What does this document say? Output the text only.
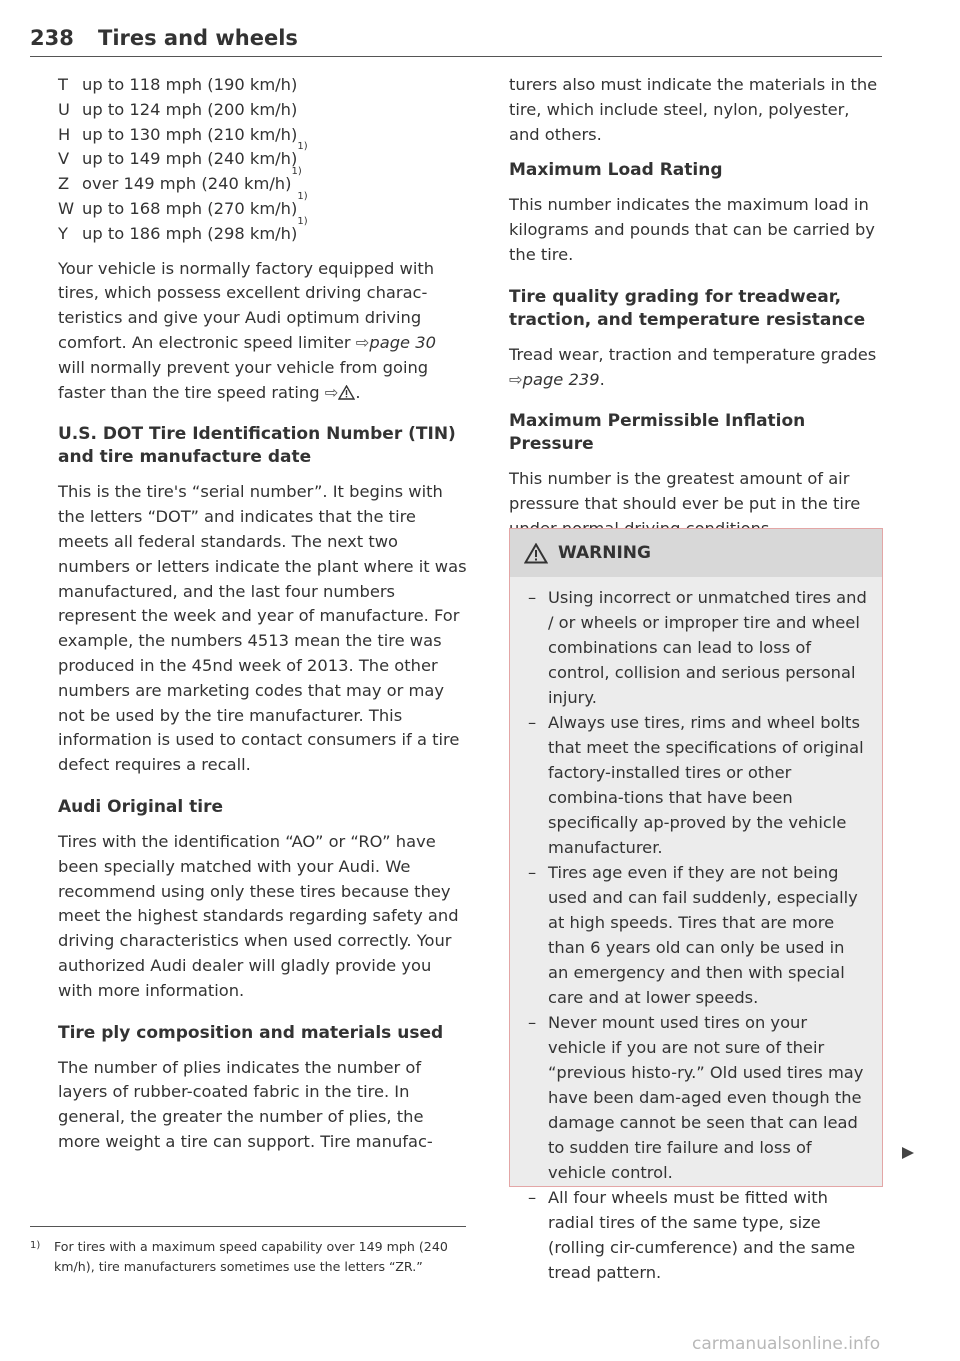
238 Tires and wheels
T up to 118 mph (190 km/h)
U up to 124 mph (200 km/h)
H up to 130 mph (210 km/h)
V up to 149 mph (240 km/h)
1)
Z over 149 mph (240 km/h)
1)
W up to 168 mph (270 km/h)
1)
Y up to 186 mph (298 km/h)
1)

Your vehicle is normally factory equipped with tires, which possess excellent driving charac-teristics and give your Audi optimum driving comfort. An electronic speed limiter ⇨page 30 will normally prevent your vehicle from going faster than the tire speed rating ⇨ .

U.S. DOT Tire Identification Number (TIN) and tire manufacture date

This is the tire's “serial number”. It begins with the letters “DOT” and indicates that the tire meets all federal standards. The next two numbers or letters indicate the plant where it was manufactured, and the last four numbers represent the week and year of manufacture. For example, the numbers 4513 mean the tire was produced in the 45nd week of 2013. The other numbers are marketing codes that may or may not be used by the tire manufacturer. This information is used to contact consumers if a tire defect requires a recall.

Audi Original tire

Tires with the identification “AO” or “RO” have been specially matched with your Audi. We recommend using only these tires because they meet the highest standards regarding safety and driving characteristics when used correctly. Your authorized Audi dealer will gladly provide you with more information.

Tire ply composition and materials used

The number of plies indicates the number of layers of rubber-coated fabric in the tire. In general, the greater the number of plies, the more weight a tire can support. Tire manufac-

turers also must indicate the materials in the tire, which include steel, nylon, polyester, and others.

Maximum Load Rating

This number indicates the maximum load in kilograms and pounds that can be carried by the tire.

Tire quality grading for treadwear, traction, and temperature resistance

Tread wear, traction and temperature grades ⇨page 239.

Maximum Permissible Inflation Pressure

This number is the greatest amount of air pressure that should ever be put in the tire

WARNING
– Using incorrect or unmatched tires and / or wheels or improper tire and wheel combinations can lead to loss of control, collision and serious personal injury.
– Always use tires, rims and wheel bolts that meet the specifications of original factory-installed tires or other combina-tions that have been specifically ap-proved by the vehicle manufacturer.
– Tires age even if they are not being used and can fail suddenly, especially at high speeds. Tires that are more than 6 years old can only be used in an emergency and then with special care and at lower speeds.
– Never mount used tires on your vehicle if you are not sure of their “previous histo-ry.” Old used tires may have been dam-aged even though the damage cannot be seen that can lead to sudden tire failure and loss of vehicle control.
– All four wheels must be fitted with radial tires of the same type, size (rolling cir-cumference) and the same tread pattern.
1) For tires with a maximum speed capability over 149 mph (240 km/h), tire manufacturers sometimes use the letters “ZR.”
carmanualsonline.info
